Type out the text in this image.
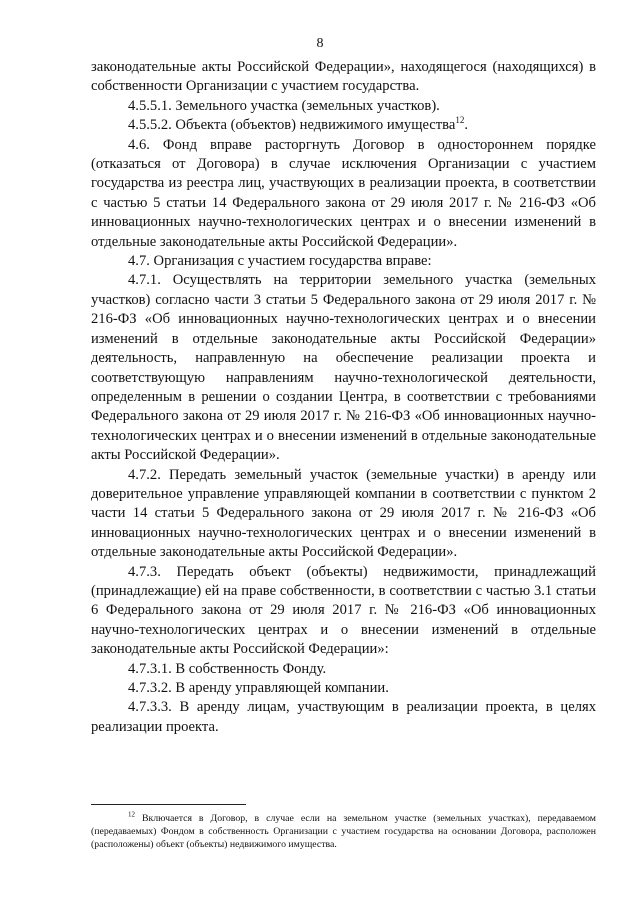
8

законодательные акты Российской Федерации», находящегося (находящихся) в собственности Организации с участием государства.

4.5.5.1. Земельного участка (земельных участков).

4.5.5.2. Объекта (объектов) недвижимого имущества$^{12}$.

4.6. Фонд вправе расторгнуть Договор в одностороннем порядке (отказаться от Договора) в случае исключения Организации с участием государства из реестра лиц, участвующих в реализации проекта, в соответствии с частью 5 статьи 14 Федерального закона от 29 июля 2017 г. № 216-ФЗ «Об инновационных научно-технологических центрах и о внесении изменений в отдельные законодательные акты Российской Федерации».

4.7. Организация с участием государства вправе:

4.7.1. Осуществлять на территории земельного участка (земельных участков) согласно части 3 статьи 5 Федерального закона от 29 июля 2017 г. № 216-ФЗ «Об инновационных научно-технологических центрах и о внесении изменений в отдельные законодательные акты Российской Федерации» деятельность, направленную на обеспечение реализации проекта и соответствующую направлениям научно-технологической деятельности, определенным в решении о создании Центра, в соответствии с требованиями Федерального закона от 29 июля 2017 г. № 216-ФЗ «Об инновационных научно-технологических центрах и о внесении изменений в отдельные законодательные акты Российской Федерации».

4.7.2. Передать земельный участок (земельные участки) в аренду или доверительное управление управляющей компании в соответствии с пунктом 2 части 14 статьи 5 Федерального закона от 29 июля 2017 г. № 216-ФЗ «Об инновационных научно-технологических центрах и о внесении изменений в отдельные законодательные акты Российской Федерации».

4.7.3. Передать объект (объекты) недвижимости, принадлежащий (принадлежащие) ей на праве собственности, в соответствии с частью 3.1 статьи 6 Федерального закона от 29 июля 2017 г. № 216-ФЗ «Об инновационных научно-технологических центрах и о внесении изменений в отдельные законодательные акты Российской Федерации»:

4.7.3.1. В собственность Фонду.

4.7.3.2. В аренду управляющей компании.

4.7.3.3. В аренду лицам, участвующим в реализации проекта, в целях реализации проекта.

$^{12}$ Включается в Договор, в случае если на земельном участке (земельных участках), передаваемом (передаваемых) Фондом в собственность Организации с участием государства на основании Договора, расположен (расположены) объект (объекты) недвижимого имущества.
